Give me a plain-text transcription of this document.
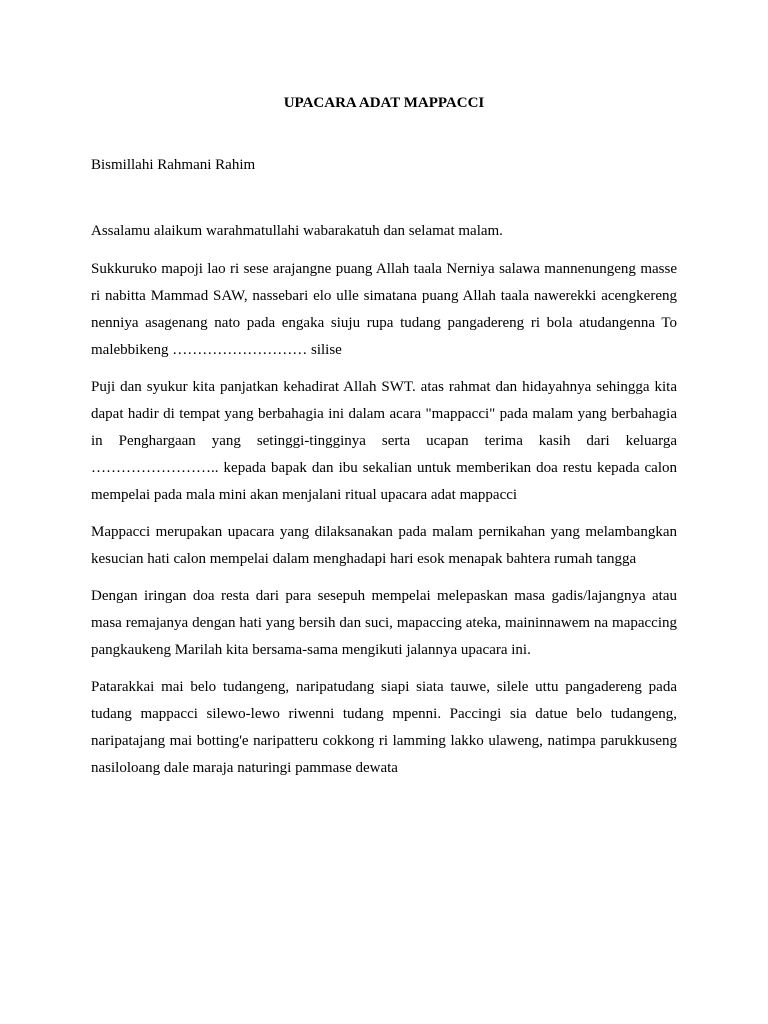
UPACARA ADAT MAPPACCI

Bismillahi Rahmani Rahim

Assalamu alaikum warahmatullahi wabarakatuh dan selamat malam.

Sukkuruko mapoji lao ri sese arajangne puang Allah taala Nerniya salawa mannenungeng masse ri nabitta Mammad SAW, nassebari elo ulle simatana puang Allah taala nawerekki acengkereng nenniya asagenang nato pada engaka siuju rupa tudang pangadereng ri bola atudangenna To malebbikeng ……………………… silise

Puji dan syukur kita panjatkan kehadirat Allah SWT. atas rahmat dan hidayahnya sehingga kita dapat hadir di tempat yang berbahagia ini dalam acara "mappacci" pada malam yang berbahagia in Penghargaan yang setinggi-tingginya serta ucapan terima kasih dari keluarga …………………….. kepada bapak dan ibu sekalian untuk memberikan doa restu kepada calon mempelai pada mala mini akan menjalani ritual upacara adat mappacci

Mappacci merupakan upacara yang dilaksanakan pada malam pernikahan yang melambangkan kesucian hati calon mempelai dalam menghadapi hari esok menapak bahtera rumah tangga

Dengan iringan doa resta dari para sesepuh mempelai melepaskan masa gadis/lajangnya atau masa remajanya dengan hati yang bersih dan suci, mapaccing ateka, maininnawem na mapaccing pangkaukeng Marilah kita bersama-sama mengikuti jalannya upacara ini.

Patarakkai mai belo tudangeng, naripatudang siapi siata tauwe, silele uttu pangadereng pada tudang mappacci silewo-lewo riwenni tudang mpenni. Paccingi sia datue belo tudangeng, naripatajang mai botting'e naripatteru cokkong ri lamming lakko ulaweng, natimpa parukkuseng nasiloloang dale maraja naturingi pammase dewata
